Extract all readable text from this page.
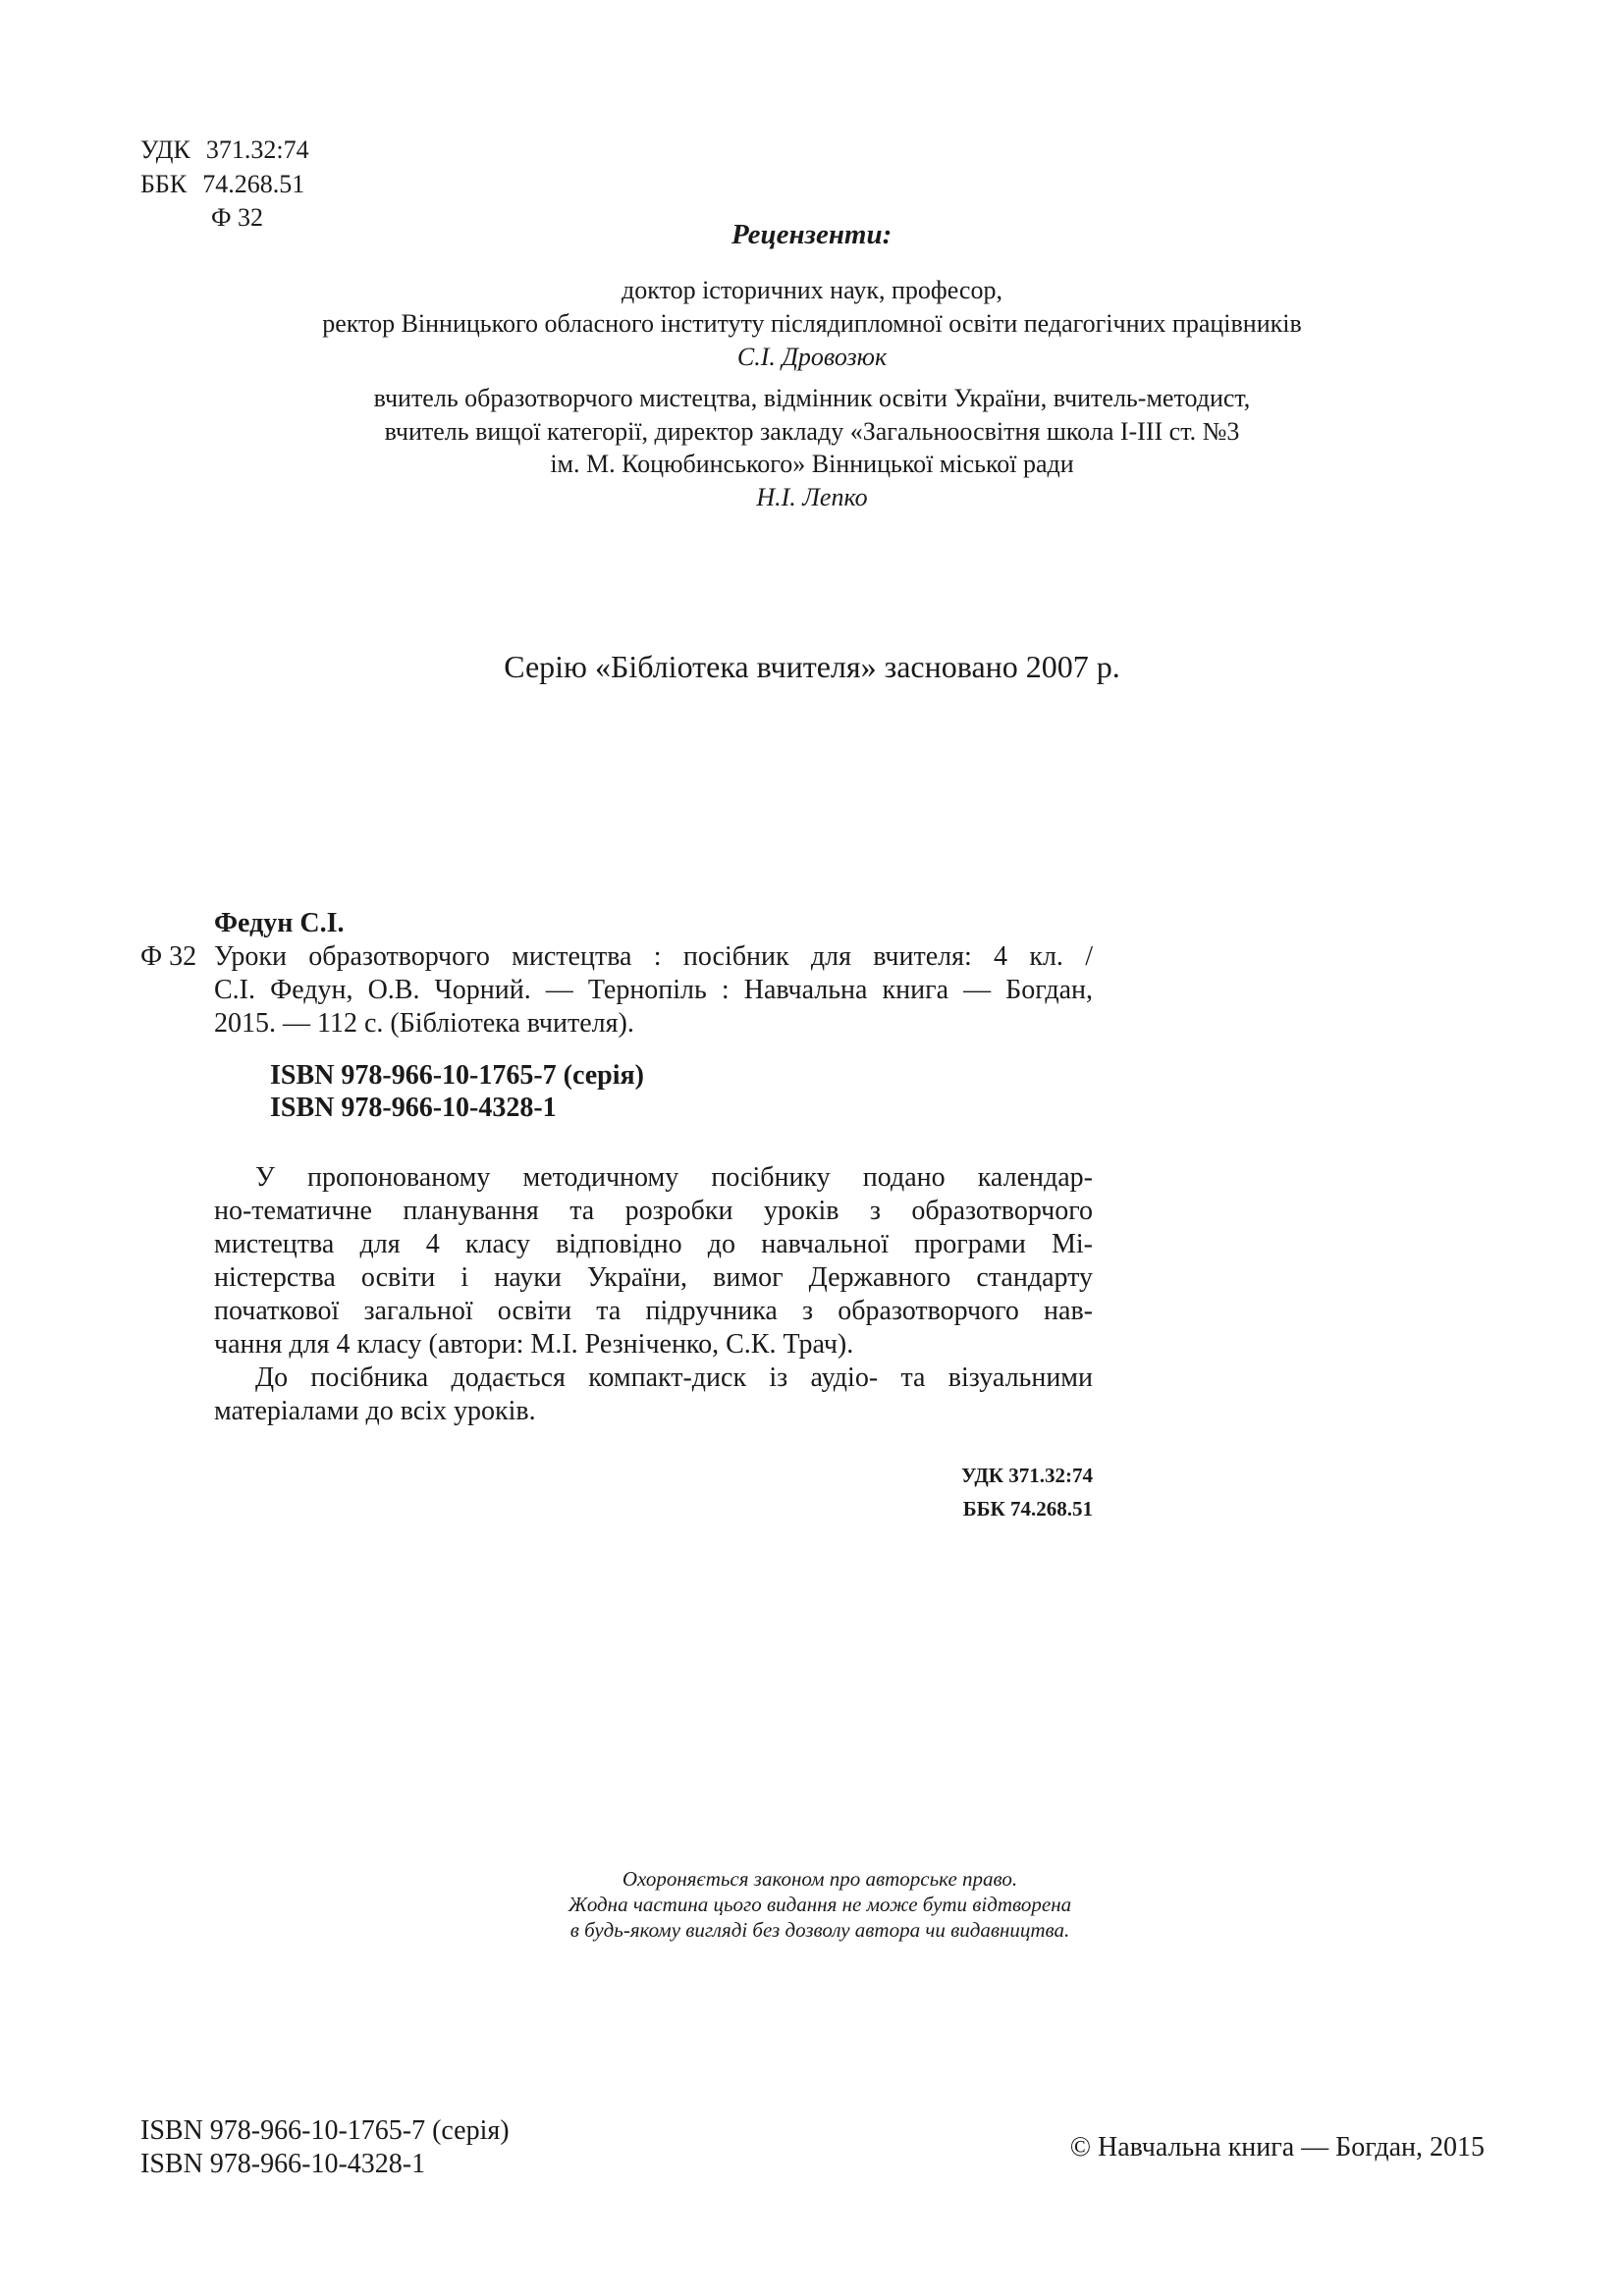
УДК 371.32:74
ББК 74.268.51
Ф 32
Рецензенти:
доктор історичних наук, професор,
ректор Вінницького обласного інституту післядипломної освіти педагогічних працівників
С.І. Дровозюк
вчитель образотворчого мистецтва, відмінник освіти України, вчитель-методист,
вчитель вищої категорії, директор закладу «Загальноосвітня школа І-ІІІ ст. №3
ім. М. Коцюбинського» Вінницької міської ради
Н.І. Лепко
Серію «Бібліотека вчителя» засновано 2007 р.
Федун С.І.
Ф 32 Уроки образотворчого мистецтва : посібник для вчителя: 4 кл. /
С.І. Федун, О.В. Чорний. — Тернопіль : Навчальна книга — Богдан,
2015. — 112 с. (Бібліотека вчителя).
ISBN 978-966-10-1765-7 (серія)
ISBN 978-966-10-4328-1
У пропонованому методичному посібнику подано календар-
но-тематичне планування та розробки уроків з образотворчого
мистецтва для 4 класу відповідно до навчальної програми Мі-
ністерства освіти і науки України, вимог Державного стандарту
початкової загальної освіти та підручника з образотворчого нав-
чання для 4 класу (автори: М.І. Резніченко, С.К. Трач).
До посібника додається компакт-диск із аудіо- та візуальними
матеріалами до всіх уроків.
УДК 371.32:74
ББК 74.268.51
Охороняється законом про авторське право.
Жодна частина цього видання не може бути відтворена
в будь-якому вигляді без дозволу автора чи видавництва.
ISBN 978-966-10-1765-7 (серія)
ISBN 978-966-10-4328-1
© Навчальна книга — Богдан, 2015
